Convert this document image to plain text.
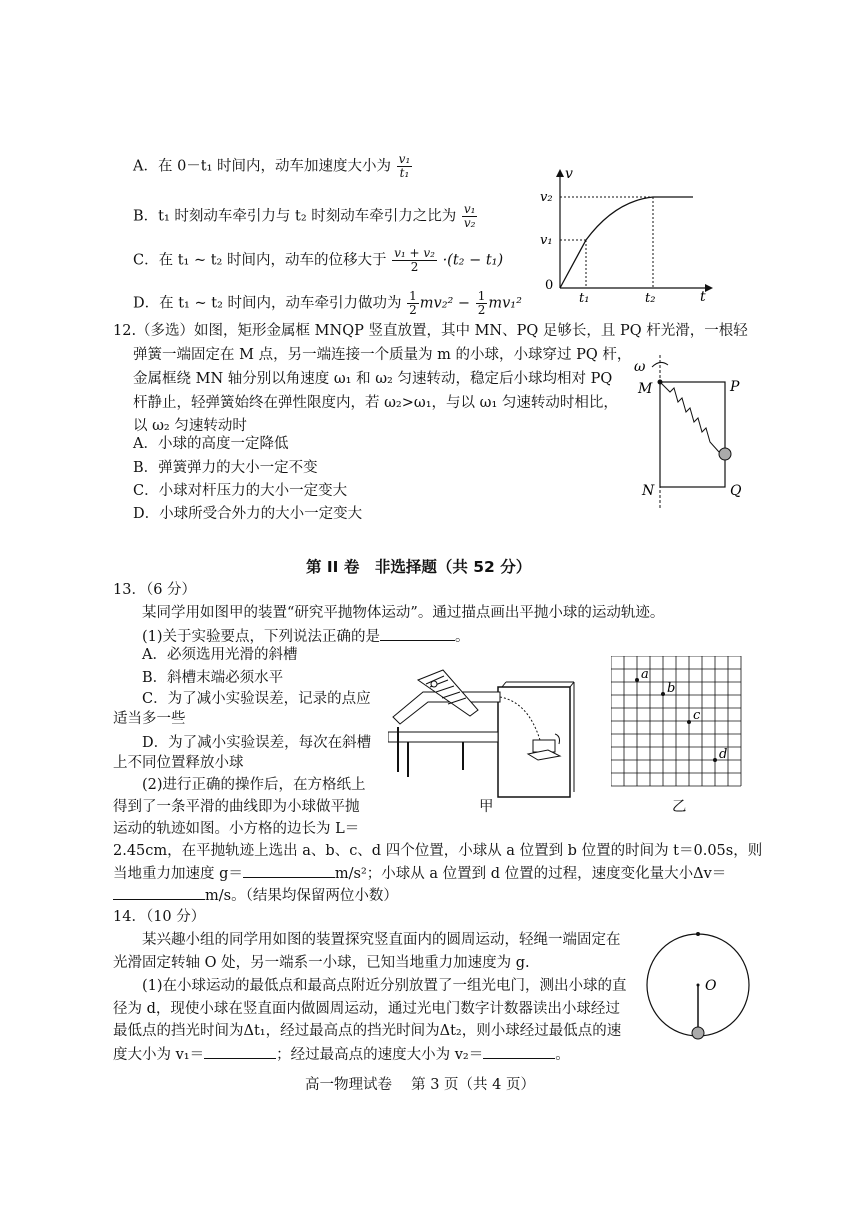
A．在 0－t₁ 时间内，动车加速度大小为 $\frac{\text{v₁}}{\text{t₁}}$
B．t₁ 时刻动车牵引力与 t₂ 时刻动车牵引力之比为 $\frac{\text{v₁}}{\text{v₂}}$
C．在 t₁ ~ t₂ 时间内，动车的位移大于 $\frac{\text{v₁ + v₂}}{2} \cdot(t_2 - t_1)$
D．在 t₁ ~ t₂ 时间内，动车牵引力做功为 $\frac{1}{2} mv_2^2 - \frac{1}{2} mv_1^2$
v
t
v₂
v₁
t₁	t₂
0
12.（多选）如图，矩形金属框 MNQP 竖直放置，其中 MN、PQ 足够长，且 PQ 杆光滑，一根轻
弹簧一端固定在 M 点，另一端连接一个质量为 m 的小球，小球穿过 PQ 杆，
金属框绕 MN 轴分别以角速度 ω₁ 和 ω₂ 匀速转动，稳定后小球均相对 PQ
杆静止，轻弹簧始终在弹性限度内，若 ω₂>ω₁，与以 ω₁ 匀速转动时相比，
以 ω₂ 匀速转动时
A．小球的高度一定降低
B．弹簧弹力的大小一定不变
C．小球对杆压力的大小一定变大
D．小球所受合外力的大小一定变大
ω
M	P
N	Q
第 II 卷　非选择题（共 52 分）
13．（6 分）
某同学用如图甲的装置“研究平抛物体运动”。通过描点画出平抛小球的运动轨迹。
(1)关于实验要点，下列说法正确的是	。
A．必须选用光滑的斜槽
B．斜槽末端必须水平
C．为了减小实验误差，记录的点应
适当多一些
D．为了减小实验误差，每次在斜槽
上不同位置释放小球
(2)进行正确的操作后，在方格纸上
得到了一条平滑的曲线即为小球做平抛
运动的轨迹如图。小方格的边长为 L＝
2.45cm，在平抛轨迹上选出 a、b、c、d 四个位置，小球从 a 位置到 b 位置的时间为 t＝0.05s，则
当地重力加速度 g＝	m/s²；小球从 a 位置到 d 位置的过程，速度变化量大小Δv＝
m/s。（结果均保留两位小数）
甲
a
b
c
d
乙
14．（10 分）
某兴趣小组的同学用如图的装置探究竖直面内的圆周运动，轻绳一端固定在
光滑固定转轴 O 处，另一端系一小球，已知当地重力加速度为 g.
(1)在小球运动的最低点和最高点附近分别放置了一组光电门，测出小球的直
径为 d，现使小球在竖直面内做圆周运动，通过光电门数字计数器读出小球经过
最低点的挡光时间为Δt₁，经过最高点的挡光时间为Δt₂，则小球经过最低点的速
度大小为 v₁＝	；经过最高点的速度大小为 v₂＝	。
O
高一物理试卷　 第 3 页（共 4 页）
